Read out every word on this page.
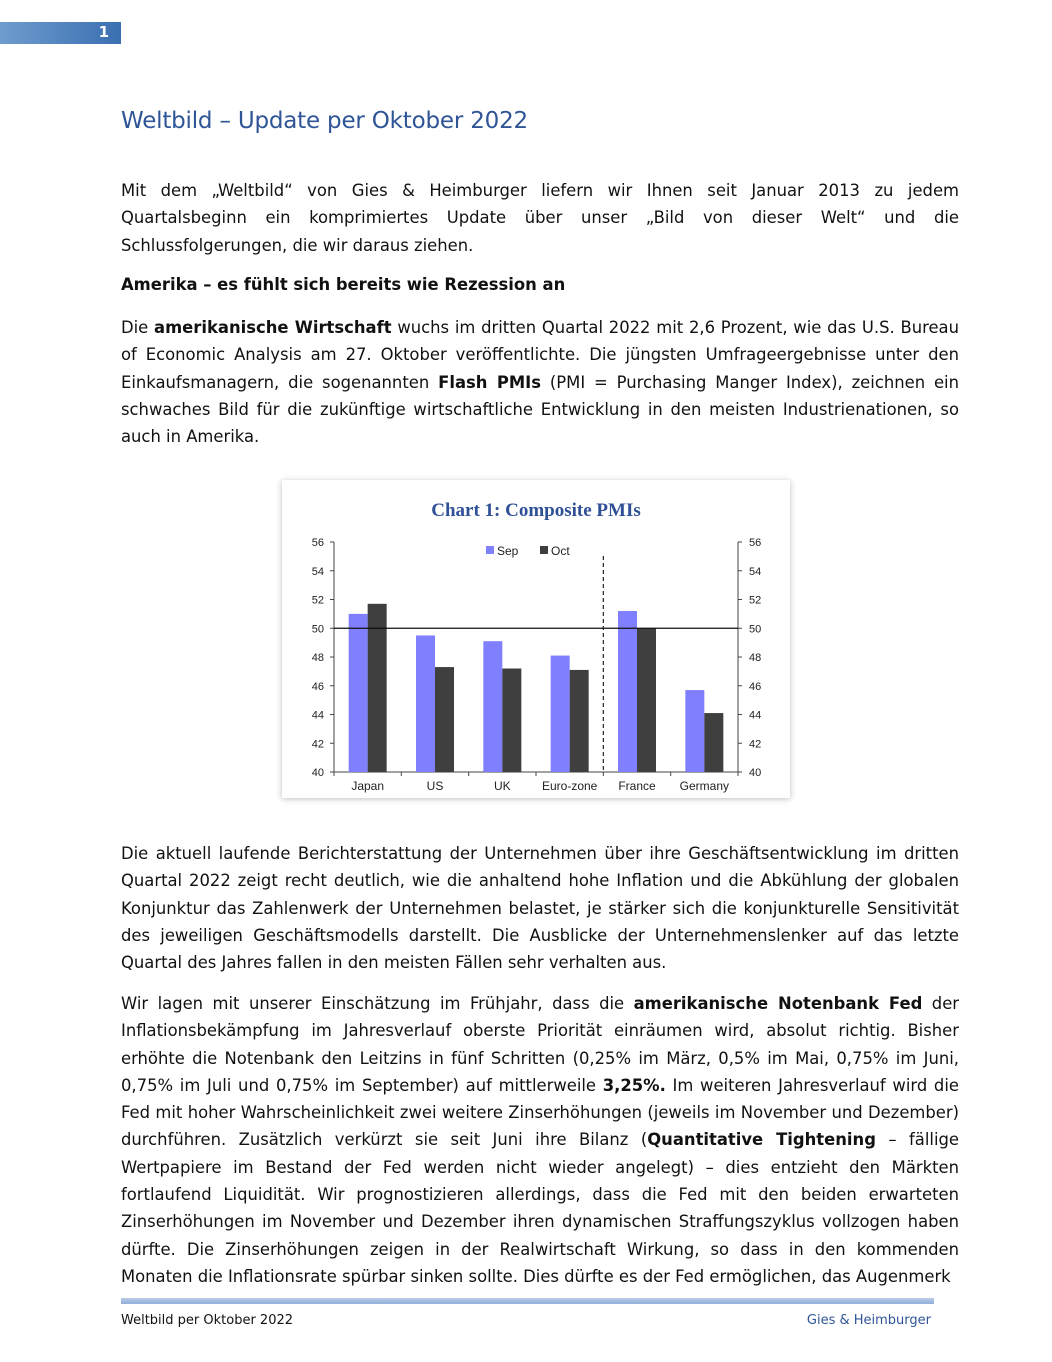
1
Weltbild – Update per Oktober 2022

Mit dem „Weltbild“ von Gies & Heimburger liefern wir Ihnen seit Januar 2013 zu jedem Quartalsbeginn ein komprimiertes Update über unser „Bild von dieser Welt“ und die Schlussfolgerungen, die wir daraus ziehen.

Amerika – es fühlt sich bereits wie Rezession an

Die amerikanische Wirtschaft wuchs im dritten Quartal 2022 mit 2,6 Prozent, wie das U.S. Bureau of Economic Analysis am 27. Oktober veröffentlichte. Die jüngsten Umfrageergebnisse unter den Einkaufsmanagern, die sogenannten Flash PMIs (PMI = Purchasing Manger Index), zeichnen ein schwaches Bild für die zukünftige wirtschaftliche Entwicklung in den meisten Industrienationen, so auch in Amerika.

Chart 1: Composite PMIs
40	40
42	42
44	44
46	46
48	48
50	50
52	52
54	54
56	56
Japan	US	UK	Euro-zone France Germany
Sep	Oct

Die aktuell laufende Berichterstattung der Unternehmen über ihre Geschäftsentwicklung im dritten Quartal 2022 zeigt recht deutlich, wie die anhaltend hohe Inflation und die Abkühlung der globalen Konjunktur das Zahlenwerk der Unternehmen belastet, je stärker sich die konjunkturelle Sensitivität des jeweiligen Geschäftsmodells darstellt. Die Ausblicke der Unternehmenslenker auf das letzte Quartal des Jahres fallen in den meisten Fällen sehr verhalten aus.

Wir lagen mit unserer Einschätzung im Frühjahr, dass die amerikanische Notenbank Fed der Inflationsbekämpfung im Jahresverlauf oberste Priorität einräumen wird, absolut richtig. Bisher erhöhte die Notenbank den Leitzins in fünf Schritten (0,25% im März, 0,5% im Mai, 0,75% im Juni, 0,75% im Juli und 0,75% im September) auf mittlerweile 3,25%. Im weiteren Jahresverlauf wird die Fed mit hoher Wahrscheinlichkeit zwei weitere Zinserhöhungen (jeweils im November und Dezember) durchführen. Zusätzlich verkürzt sie seit Juni ihre Bilanz (Quantitative Tightening – fällige Wertpapiere im Bestand der Fed werden nicht wieder angelegt) – dies entzieht den Märkten fortlaufend Liquidität. Wir prognostizieren allerdings, dass die Fed mit den beiden erwarteten Zinserhöhungen im November und Dezember ihren dynamischen Straffungszyklus vollzogen haben dürfte. Die Zinserhöhungen zeigen in der Realwirtschaft Wirkung, so dass in den kommenden Monaten die Inflationsrate spürbar sinken sollte. Dies dürfte es der Fed ermöglichen, das Augenmerk

Weltbild per Oktober 2022	Gies & Heimburger
